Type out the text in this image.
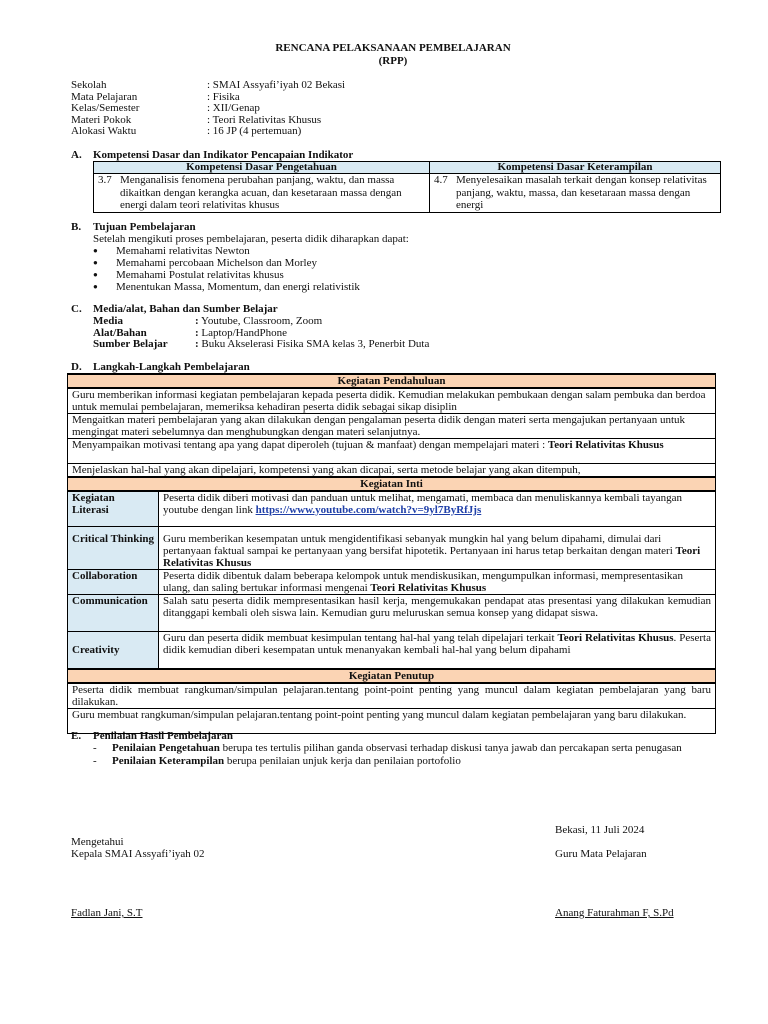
RENCANA PELAKSANAAN PEMBELAJARAN
(RPP)
Sekolah	: SMAI Assyafi’iyah 02 Bekasi
Mata Pelajaran	: Fisika
Kelas/Semester	: XII/Genap
Materi Pokok	: Teori Relativitas Khusus
Alokasi Waktu	: 16 JP (4 pertemuan)
A. Kompetensi Dasar dan Indikator Pencapaian Indikator
Kompetensi Dasar Pengetahuan	Kompetensi Dasar Keterampilan

3.7 Menganalisis fenomena perubahan panjang, waktu, dan massa dikaitkan dengan kerangka acuan, dan kesetaraan massa dengan energi dalam teori relativitas khusus	4.7 Menyelesaikan masalah terkait dengan konsep relativitas panjang, waktu, massa, dan kesetaraan massa dengan energi
B. Tujuan Pembelajaran
Setelah mengikuti proses pembelajaran, peserta didik diharapkan dapat:
● Memahami relativitas Newton
● Memahami percobaan Michelson dan Morley
● Memahami Postulat relativitas khusus
● Menentukan Massa, Momentum, dan energi relativistik
C. Media/alat, Bahan dan Sumber Belajar
Media	: Youtube, Classroom, Zoom
Alat/Bahan	: Laptop/HandPhone
Sumber Belajar : Buku Akselerasi Fisika SMA kelas 3, Penerbit Duta
D. Langkah-Langkah Pembelajaran
Kegiatan Pendahuluan	
Guru memberikan informasi kegiatan pembelajaran kepada peserta didik. Kemudian melakukan pembukaan dengan salam pembuka dan berdoa untuk memulai pembelajaran, memeriksa kehadiran peserta didik sebagai sikap disiplin	
Mengaitkan materi pembelajaran yang akan dilakukan dengan pengalaman peserta didik dengan materi serta mengajukan pertanyaan untuk mengingat materi sebelumnya dan menghubungkan dengan materi selanjutnya.	
Menyampaikan motivasi tentang apa yang dapat diperoleh (tujuan & manfaat) dengan mempelajari materi : Teori Relativitas Khusus	
Menjelaskan hal-hal yang akan dipelajari, kompetensi yang akan dicapai, serta metode belajar yang akan ditempuh,	
Kegiatan Inti	
Kegiatan Literasi	Peserta didik diberi motivasi dan panduan untuk melihat, mengamati, membaca dan menuliskannya kembali tayangan youtube dengan link https://www.youtube.com/watch?v=9yl7ByRfJjs
Critical Thinking	Guru memberikan kesempatan untuk mengidentifikasi sebanyak mungkin hal yang belum dipahami, dimulai dari pertanyaan faktual sampai ke pertanyaan yang bersifat hipotetik. Pertanyaan ini harus tetap berkaitan dengan materi Teori Relativitas Khusus
Collaboration	Peserta didik dibentuk dalam beberapa kelompok untuk mendiskusikan, mengumpulkan informasi, mempresentasikan ulang, dan saling bertukar informasi mengenai Teori Relativitas Khusus
Communication	Salah satu peserta didik mempresentasikan hasil kerja, mengemukakan pendapat atas presentasi yang dilakukan kemudian ditanggapi kembali oleh siswa lain. Kemudian guru meluruskan semua konsep yang didapat siswa.
Creativity	Guru dan peserta didik membuat kesimpulan tentang hal-hal yang telah dipelajari terkait Teori Relativitas Khusus. Peserta didik kemudian diberi kesempatan untuk menanyakan kembali hal-hal yang belum dipahami
Kegiatan Penutup	
Peserta didik membuat rangkuman/simpulan pelajaran.tentang point-point penting yang muncul dalam kegiatan pembelajaran yang baru dilakukan.	
Guru membuat rangkuman/simpulan pelajaran.tentang point-point penting yang muncul dalam kegiatan pembelajaran yang baru dilakukan.	
E. Penilaian Hasil Pembelajaran
- Penilaian Pengetahuan berupa tes tertulis pilihan ganda observasi terhadap diskusi tanya jawab dan percakapan serta penugasan
- Penilaian Keterampilan berupa penilaian unjuk kerja dan penilaian portofolio
Bekasi, 11 Juli 2024
Mengetahui
Kepala SMAI Assyafi’iyah 02	Guru Mata Pelajaran
Fadlan Jani, S.T	Anang Faturahman F, S.Pd
